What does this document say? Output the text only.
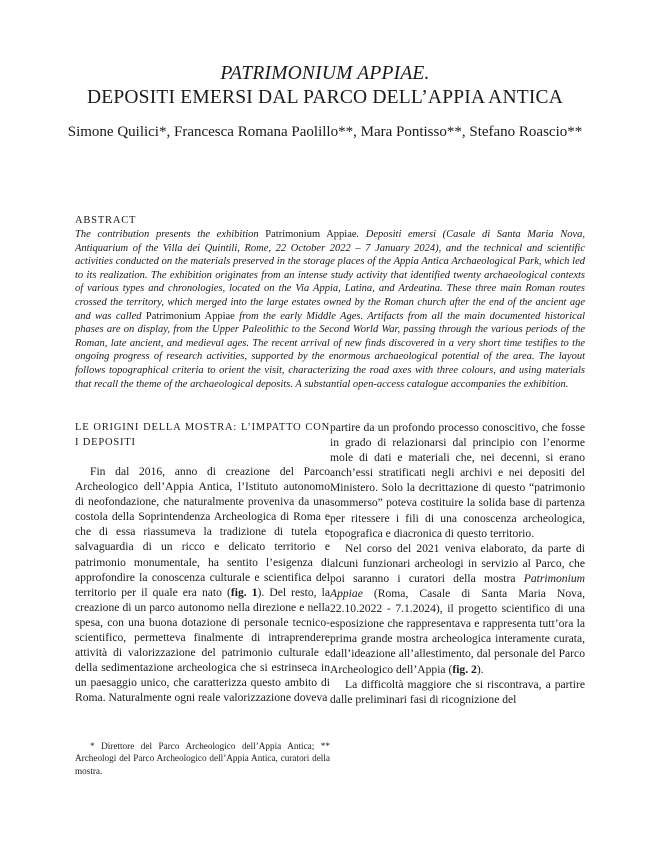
PATRIMONIUM APPIAE.
DEPOSITI EMERSI DAL PARCO DELL’APPIA ANTICA
Simone Quilici*, Francesca Romana Paolillo**, Mara Pontisso**, Stefano Roascio**
ABSTRACT

The contribution presents the exhibition Patrimonium Appiae. Depositi emersi (Casale di Santa Maria Nova, Antiquarium of the Villa dei Quintili, Rome, 22 October 2022 – 7 January 2024), and the technical and scientific activities conducted on the materials preserved in the storage places of the Appia Antica Archaeological Park, which led to its realization. The exhibition originates from an intense study activity that identified twenty archaeological contexts of various types and chronologies, located on the Via Appia, Latina, and Ardeatina. These three main Roman routes crossed the territory, which merged into the large estates owned by the Roman church after the end of the ancient age and was called Patrimonium Appiae from the early Middle Ages. Artifacts from all the main documented historical phases are on display, from the Upper Paleolithic to the Second World War, passing through the various periods of the Roman, late ancient, and medieval ages. The recent arrival of new finds discovered in a very short time testifies to the ongoing progress of research activities, supported by the enormous archaeological potential of the area. The layout follows topographical criteria to orient the visit, characterizing the road axes with three colours, and using materials that recall the theme of the archaeological deposits. A substantial open-access catalogue accompanies the exhibition.

LE ORIGINI DELLA MOSTRA: L’IMPATTO CON I DEPOSITI

Fin dal 2016, anno di creazione del Parco Archeologico dell’Appia Antica, l’Istituto autonomo di neofondazione, che naturalmente proveniva da una costola della Soprintendenza Archeologica di Roma e che di essa riassumeva la tradizione di tutela e salvaguardia di un ricco e delicato territorio e patrimonio monumentale, ha sentito l’esigenza di approfondire la conoscenza culturale e scientifica del territorio per il quale era nato (fig. 1). Del resto, la creazione di un parco autonomo nella direzione e nella spesa, con una buona dotazione di personale tecnico-scientifico, permetteva finalmente di intraprendere attività di valorizzazione del patrimonio culturale e della sedimentazione archeologica che si estrinseca in un paesaggio unico, che caratterizza questo ambito di Roma. Naturalmente ogni reale valorizzazione doveva

partire da un profondo processo conoscitivo, che fosse in grado di relazionarsi dal principio con l’enorme mole di dati e materiali che, nei decenni, si erano anch’essi stratificati negli archivi e nei depositi del Ministero. Solo la decrittazione di questo “patrimonio sommerso” poteva costituire la solida base di partenza per ritessere i fili di una conoscenza archeologica, topografica e diacronica di questo territorio.

Nel corso del 2021 veniva elaborato, da parte di alcuni funzionari archeologi in servizio al Parco, che poi saranno i curatori della mostra Patrimonium Appiae (Roma, Casale di Santa Maria Nova, 22.10.2022 - 7.1.2024), il progetto scientifico di una esposizione che rappresentava e rappresenta tutt’ora la prima grande mostra archeologica interamente curata, dall’ideazione all’allestimento, dal personale del Parco Archeologico dell’Appia (fig. 2).

La difficoltà maggiore che si riscontrava, a partire dalle preliminari fasi di ricognizione del

* Direttore del Parco Archeologico dell’Appia Antica; ** Archeologi del Parco Archeologico dell’Appia Antica, curatori della mostra.
